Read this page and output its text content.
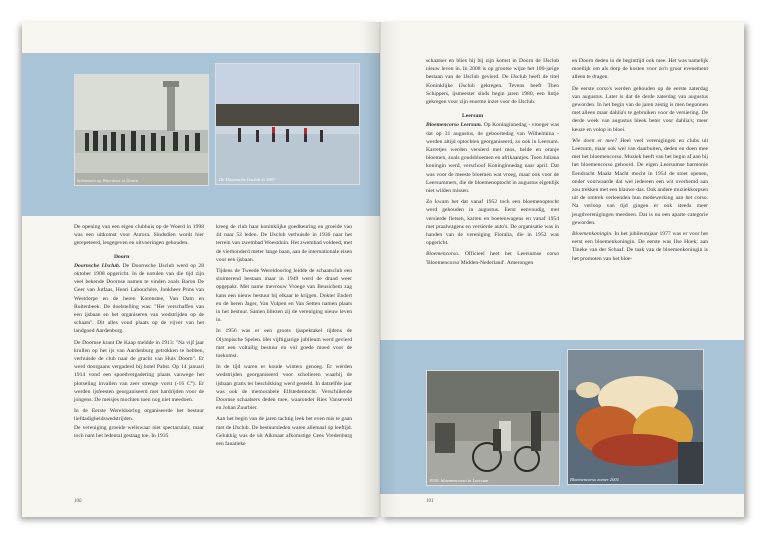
Schaatsen op Woerdens in Doorn	De Doornsche IJsclub in 1997

De opening van een eigen clubhuis op de Woerd in 1998 was een uitkomst voor Aurora. Sindsdien wordt hier gerepeteerd, lesgegeven en uitvoeringen gehouden.

Doorn

Doornsche IJsclub. De Doornsche IJsclub werd op 28 oktober 1908 opgericht. In de notulen van die tijd zijn veel bekende Doornse namen te vinden zoals Baron De Geer van Jutfaas, Henri Labouchère, Jonkheer Prins van Westdorpe en de heren Korenstee, Van Dam en Ruitenbeek. De doelstelling was: "Het verschaffen van een ijsbaan en het organiseren van wedstrijden op de schaats". Dit alles vond plaats op de vijver van het landgoed Aardenburg.

De Doornse krant De Kaap meldde in 1913: "Na vijf jaar krullen op het ijs van Aardenburg getrokken te hebben, verhuisde de club naar de gracht van Huis Doorn". Er werd doorgaans vergaderd bij hotel Pabst. Op 14 januari 1914 vond een spoedvergadering plaats vanwege het plotseling invallen van zeer strenge vorst (-16 C°). Er werden ijsfeesten georganiseerd met hardrijden voor de jongens. De meisjes mochten toen nog niet meedoen.

In de Eerste Wereldoorlog organiseerde het bestuur liefdadigheidswedstrijden.

De vereniging groeide weliswaar niet spectaculair, maar toch nam het ledental gestaag toe. In 1935

kreeg de club haar koninklijke goedkeuring en groeide van 44 naar 52 leden. De IJsclub verhuisde in 1936 naar het terrein van zwembad Woestduin. Het zwembad voldeed, met de vierhonderd meter lange baan, aan de internationale eisen voor een ijsbaan.

Tijdens de Tweede Wereldoorlog leidde de schaatsclub een sluimerend bestaan maar in 1949 werd de draad weer opgepakt. Met name mevrouw Vroege van Beusichem zag kans een nieuw bestuur bij elkaar te krijgen. Dokter Endert en de heren Jager, Van Vulpen en Van Setten namen plaats in het bestuur. Samen bliezen zij de vereniging nieuw leven in.

In 1956 was er een groots ijsspektakel tijdens de Olympische Spelen. Het vijftigjarige jubileum werd gevierd met een voltallig bestuur en vol goede moed voor de toekomst.

In de tijd waren er koude winters genoeg. Er werden wedstrijden georganiseerd voor scholieren waarbij de ijsbaan gratis ter beschikking werd gesteld. In datzelfde jaar was ook de memorabele Elfstedentocht. Verschillende Doornse schaatsers deden mee, waaronder Ries Vanseveld en Johan Zuurbier.

Aan het begin van de jaren tachtig leek het even mis te gaan met de IJsclub. De bestuursleden waren allemaal op leeftijd. Gelukkig was de uit Alkmaar afkomstige Cees Vredenburg een fanatieke

100

schaatser en blies hij bij zijn komst in Doorn de IJsclub nieuw leven in. In 2008 is op grootse wijze het 100-jarige bestaan van de IJsclub gevierd. De IJsclub heeft de titel Koninklijke IJsclub gekregen. Tevens heeft Theo Schippers, ijsmeester sinds begin jaren 1980, een lintje gekregen voor zijn enorme inzet voor de IJsclub.

Leersum

Bloemencorso Leersum. Op Koninginnedag - vroeger was dat op 31 augustus, de geboortedag van Wilhelmina - werden altijd optochten georganiseerd, zo ook in Leersum. Karretjes werden versierd met mos, heide en oranje bloemen, zoals goudsbloemen en afrikaantjes. Toen Juliana koningin werd, verschoof Koninginnedag naar april. Dat was voor de meeste bloemen wat vroeg, maar ook voor de Leersummers, die de bloemenoptocht in augustus eigenlijk niet wilden missen.

Zo kwam het dat vanaf 1952 toch een bloemenoptocht werd gehouden in augustus. Eerst eenvoudig, met versierde fietsen, karren en boerenwagens en vanaf 1954 met praalwagens en versierde auto's. De organisatie was in handen van de vereniging Floralia, die in 1952 was opgericht.

Bloemencorso. Officieel heet het Leersumse corso 'Bloemencorso Midden-Nederland'. Amerongen

en Doorn deden in de beginttijd ook mee. Het was namelijk moeilijk om als dorp de kosten voor zo'n groot evenement alleen te dragen.

De eerste corso's werden gehouden op de eerste zaterdag van augustus. Later is dat de derde zaterdag van augustus geworden. In het begin van de jaren zestig is men begonnen met alleen maar dahlia's te gebruiken voor de versiering. De derde week van augustus bleek beter voor dahlia's; meer keuze en volop in bloei.

Wie doen er mee? Heel veel verenigingen en clubs uit Leersum, maar ook wel van daarbuiten, deden en doen mee met het bloemencorso. Muziek heeft van het begin af aan bij het bloemencorso gehoord. De eigen Leersumse harmonie Eendracht Maakt Macht mocht in 1954 de stoet openen, onder voorwaarde dat wel iedereen een wit overhemd aan zou trekken met een blauwe das. Ook andere muziekkorpsen uit de omtrek verleenden hun medewerking aan het corso. Na verloop van tijd gingen er ook steeds meer jeugdverenigingen meedoen. Dat is nu een aparte categorie geworden.

Bloemenkoningin. In het jubileumjaar 1977 was er voor het eerst een bloemenkoningin. De eerste was Ilse Hoek; aan Tineke van der Schaaf. De taak van de bloemenkoningin is het promoten van het bloe-

1930: bloemencorso in Leersum	Bloemencorso zomer 2001
101
